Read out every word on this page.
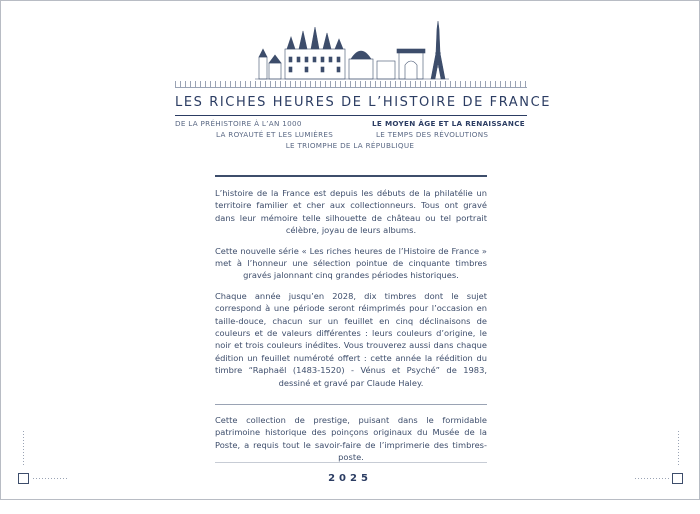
LES RICHES HEURES DE L’HISTOIRE DE FRANCE
DE LA PRÉHISTOIRE À L’AN 1000	LE MOYEN ÂGE ET LA RENAISSANCE
LA ROYAUTÉ ET LES LUMIÈRES	LE TEMPS DES RÉVOLUTIONS
LE TRIOMPHE DE LA RÉPUBLIQUE

L’histoire de la France est depuis les débuts de la philatélie un territoire familier et cher aux collectionneurs. Tous ont gravé dans leur mémoire telle silhouette de château ou tel portrait célèbre, joyau de leurs albums.

Cette nouvelle série « Les riches heures de l’Histoire de France » met à l’honneur une sélection pointue de cinquante timbres gravés jalonnant cinq grandes périodes historiques.

Chaque année jusqu’en 2028, dix timbres dont le sujet correspond à une période seront réimprimés pour l’occasion en taille-douce, chacun sur un feuillet en cinq déclinaisons de couleurs et de valeurs différentes : leurs couleurs d’origine, le noir et trois couleurs inédites. Vous trouverez aussi dans chaque édition un feuillet numéroté offert : cette année la réédition du timbre “Raphaël (1483-1520) - Vénus et Psyché” de 1983, dessiné et gravé par Claude Haley.

Cette collection de prestige, puisant dans le formidable patrimoine historique des poinçons originaux du Musée de la Poste, a requis tout le savoir-faire de l’imprimerie des timbres-poste.
2025
